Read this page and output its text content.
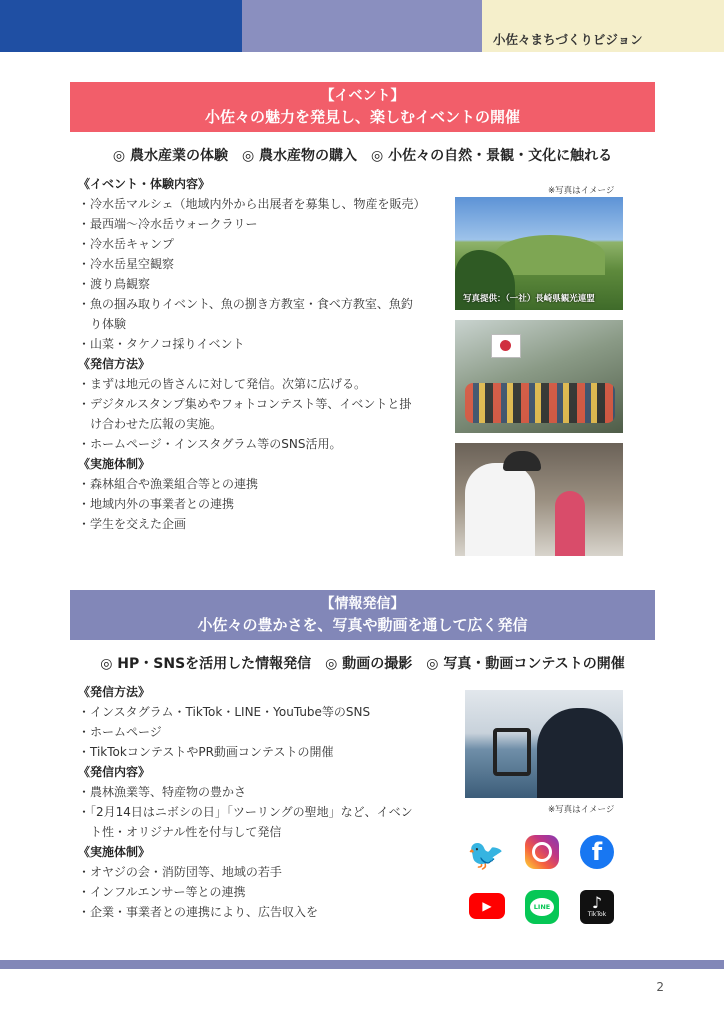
小佐々まちづくりビジョン
【イベント】
小佐々の魅力を発見し、楽しむイベントの開催
◎ 農水産業の体験　◎ 農水産物の購入　◎ 小佐々の自然・景観・文化に触れる
《イベント・体験内容》
・冷水岳マルシェ（地域内外から出展者を募集し、物産を販売）
・最西端～冷水岳ウォークラリー
・冷水岳キャンプ
・冷水岳星空観察
・渡り鳥観察
・魚の掴み取りイベント、魚の捌き方教室・食べ方教室、魚釣り体験
・山菜・タケノコ採りイベント
《発信方法》
・まずは地元の皆さんに対して発信。次第に広げる。
・デジタルスタンプ集めやフォトコンテスト等、イベントと掛け合わせた広報の実施。
・ホームページ・インスタグラム等のSNS活用。
《実施体制》
・森林組合や漁業組合等との連携
・地域内外の事業者との連携
・学生を交えた企画
※写真はイメージ
写真提供：（一社）長崎県観光連盟
【情報発信】
小佐々の豊かさを、写真や動画を通して広く発信
◎ HP・SNSを活用した情報発信　◎ 動画の撮影　◎ 写真・動画コンテストの開催
《発信方法》
・インスタグラム・TikTok・LINE・YouTube等のSNS
・ホームページ
・TikTokコンテストやPR動画コンテストの開催
《発信内容》
・農林漁業等、特産物の豊かさ
・「2月14日はニボシの日」「ツーリングの聖地」など、イベント性・オリジナル性を付与して発信
《実施体制》
・オヤジの会・消防団等、地域の若手
・インフルエンサー等との連携
・企業・事業者との連携により、広告収入を
※写真はイメージ
🐦	f
▶	LINE	♪
TikTok
2
